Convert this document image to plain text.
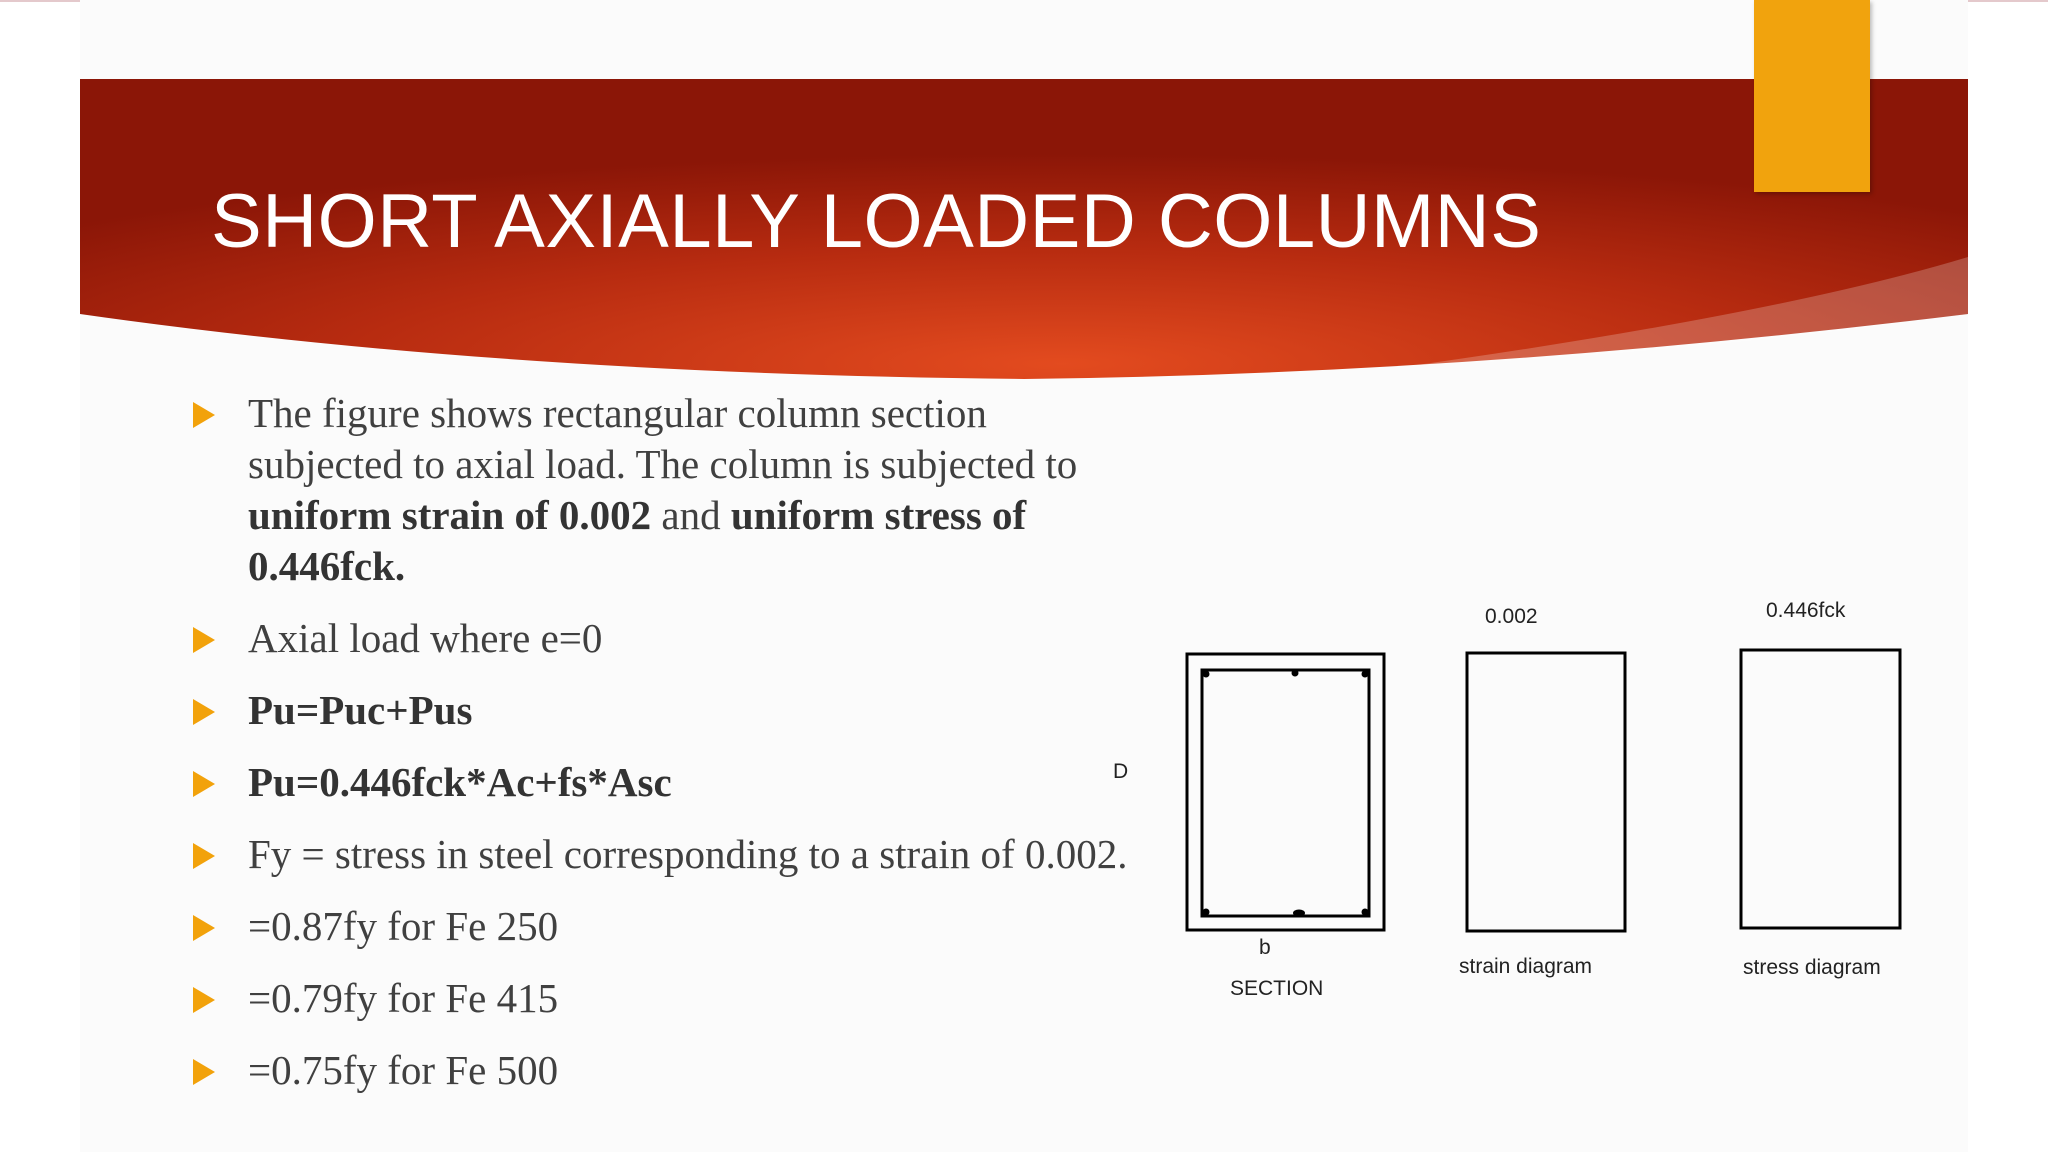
SHORT AXIALLY LOADED COLUMNS
The figure shows rectangular column section subjected to axial load. The column is subjected to uniform strain of 0.002 and uniform stress of 0.446fck.
Axial load where e=0
Pu=Puc+Pus
Pu=0.446fck*Ac+fs*Asc
Fy = stress in steel corresponding to a strain of 0.002.
=0.87fy for Fe 250
=0.79fy for Fe 415
=0.75fy for Fe 500
D
b
SECTION
0.002
strain diagram
0.446fck
stress diagram
